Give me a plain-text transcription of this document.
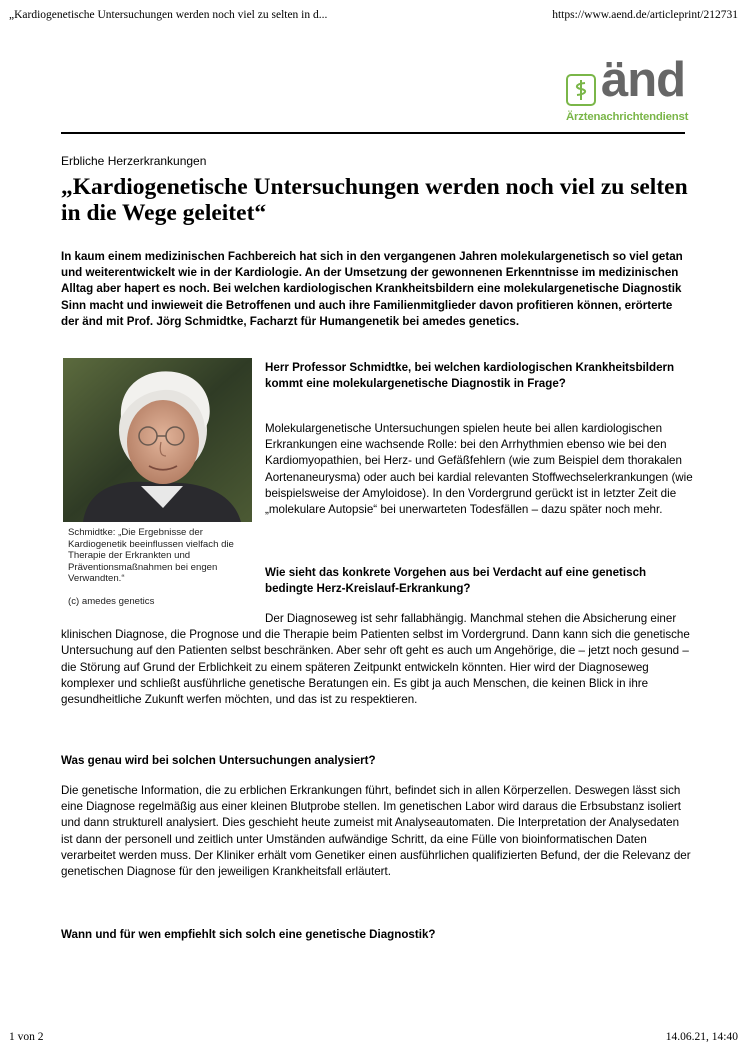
„Kardiogenetische Untersuchungen werden noch viel zu selten in d...	https://www.aend.de/articleprint/212731
änd
Ärztenachrichtendienst
Erbliche Herzerkrankungen
„Kardiogenetische Untersuchungen werden noch viel zu selten in die Wege geleitet“

In kaum einem medizinischen Fachbereich hat sich in den vergangenen Jahren molekulargenetisch so viel getan und weiterentwickelt wie in der Kardiologie. An der Umsetzung der gewonnenen Erkenntnisse im medizinischen Alltag aber hapert es noch. Bei welchen kardiologischen Krankheitsbildern eine molekulargenetische Diagnostik Sinn macht und inwieweit die Betroffenen und auch ihre Familienmitglieder davon profitieren können, erörterte der änd mit Prof. Jörg Schmidtke, Facharzt für Humangenetik bei amedes genetics.

Schmidtke: „Die Ergebnisse der Kardiogenetik beeinflussen vielfach die Therapie der Erkrankten und Präventionsmaßnahmen bei engen Verwandten.“
(c) amedes genetics
Herr Professor Schmidtke, bei welchen kardiologischen Krankheitsbildern kommt eine molekulargenetische Diagnostik in Frage?

Molekulargenetische Untersuchungen spielen heute bei allen kardiologischen Erkrankungen eine wachsende Rolle: bei den Arrhythmien ebenso wie bei den Kardiomyopathien, bei Herz- und Gefäßfehlern (wie zum Beispiel dem thorakalen Aortenaneurysma) oder auch bei kardial relevanten Stoffwechselerkrankungen (wie beispielsweise der Amyloidose). In den Vordergrund gerückt ist in letzter Zeit die „molekulare Autopsie“ bei unerwarteten Todesfällen – dazu später noch mehr.

Wie sieht das konkrete Vorgehen aus bei Verdacht auf eine genetisch bedingte Herz-Kreislauf-Erkrankung?

Der Diagnoseweg ist sehr fallabhängig. Manchmal stehen die Absicherung einer klinischen Diagnose, die Prognose und die Therapie beim Patienten selbst im Vordergrund. Dann kann sich die genetische Untersuchung auf den Patienten selbst beschränken. Aber sehr oft geht es auch um Angehörige, die – jetzt noch gesund – die Störung auf Grund der Erblichkeit zu einem späteren Zeitpunkt entwickeln könnten. Hier wird der Diagnoseweg komplexer und schließt ausführliche genetische Beratungen ein. Es gibt ja auch Menschen, die keinen Blick in ihre gesundheitliche Zukunft werfen möchten, und das ist zu respektieren.

Was genau wird bei solchen Untersuchungen analysiert?

Die genetische Information, die zu erblichen Erkrankungen führt, befindet sich in allen Körperzellen. Deswegen lässt sich eine Diagnose regelmäßig aus einer kleinen Blutprobe stellen. Im genetischen Labor wird daraus die Erbsubstanz isoliert und dann strukturell analysiert. Dies geschieht heute zumeist mit Analyseautomaten. Die Interpretation der Analysedaten ist dann der personell und zeitlich unter Umständen aufwändige Schritt, da eine Fülle von bioinformatischen Daten verarbeitet werden muss. Der Kliniker erhält vom Genetiker einen ausführlichen qualifizierten Befund, der die Relevanz der genetischen Diagnose für den jeweiligen Krankheitsfall erläutert.

Wann und für wen empfiehlt sich solch eine genetische Diagnostik?
1 von 2	14.06.21, 14:40
